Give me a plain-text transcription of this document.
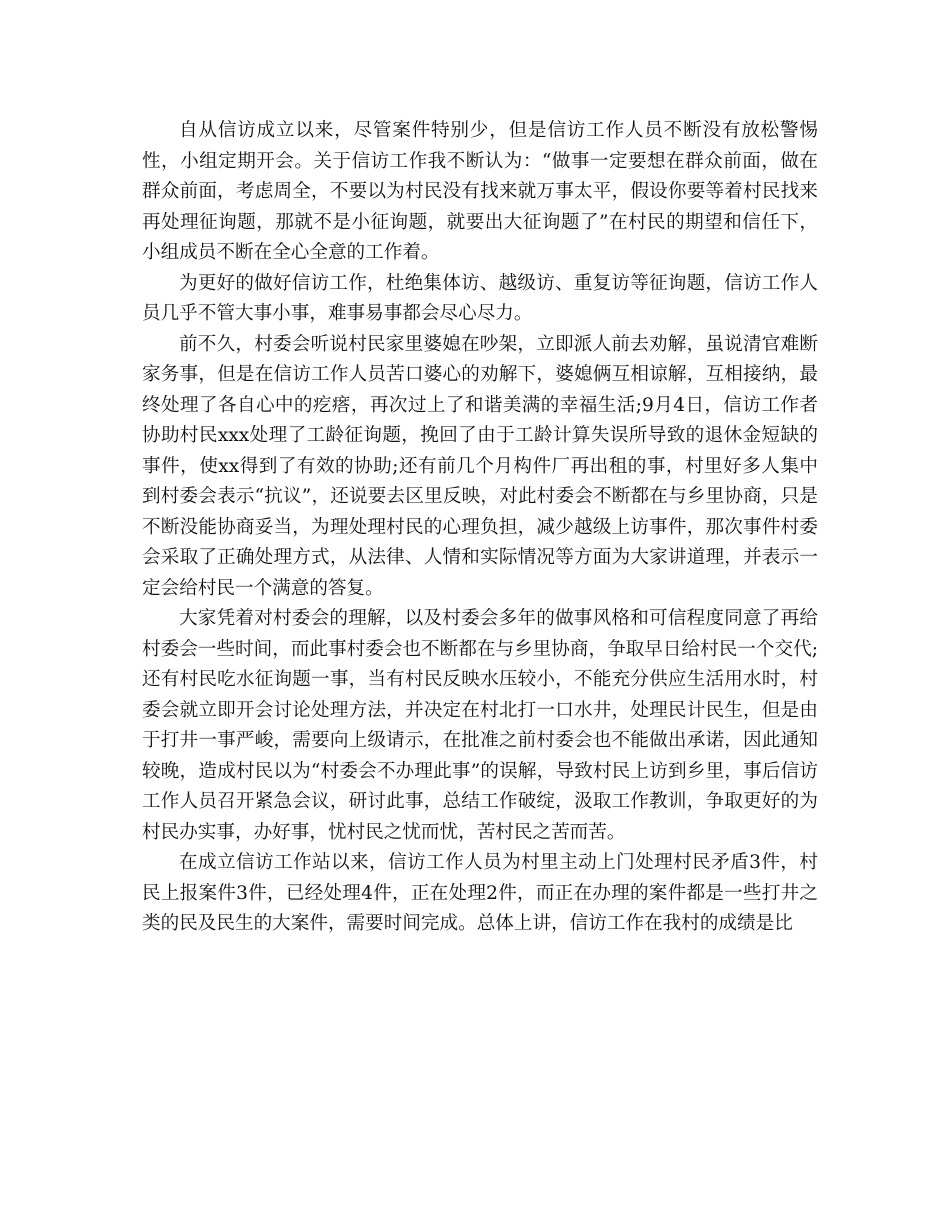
自从信访成立以来，尽管案件特别少，但是信访工作人员不断没有放松警惕性，小组定期开会。关于信访工作我不断认为：“做事一定要想在群众前面，做在群众前面，考虑周全，不要以为村民没有找来就万事太平，假设你要等着村民找来再处理征询题，那就不是小征询题，就要出大征询题了”在村民的期望和信任下，小组成员不断在全心全意的工作着。

为更好的做好信访工作，杜绝集体访、越级访、重复访等征询题，信访工作人员几乎不管大事小事，难事易事都会尽心尽力。

前不久，村委会听说村民家里婆媳在吵架，立即派人前去劝解，虽说清官难断家务事，但是在信访工作人员苦口婆心的劝解下，婆媳俩互相谅解，互相接纳，最终处理了各自心中的疙瘩，再次过上了和谐美满的幸福生活;9月4日，信访工作者协助村民xxx处理了工龄征询题，挽回了由于工龄计算失误所导致的退休金短缺的事件，使xx得到了有效的协助;还有前几个月构件厂再出租的事，村里好多人集中到村委会表示“抗议”，还说要去区里反映，对此村委会不断都在与乡里协商，只是不断没能协商妥当，为理处理村民的心理负担，减少越级上访事件，那次事件村委会采取了正确处理方式，从法律、人情和实际情况等方面为大家讲道理，并表示一定会给村民一个满意的答复。

大家凭着对村委会的理解，以及村委会多年的做事风格和可信程度同意了再给村委会一些时间，而此事村委会也不断都在与乡里协商，争取早日给村民一个交代;还有村民吃水征询题一事，当有村民反映水压较小，不能充分供应生活用水时，村委会就立即开会讨论处理方法，并决定在村北打一口水井，处理民计民生，但是由于打井一事严峻，需要向上级请示，在批准之前村委会也不能做出承诺，因此通知较晚，造成村民以为“村委会不办理此事”的误解，导致村民上访到乡里，事后信访工作人员召开紧急会议，研讨此事，总结工作破绽，汲取工作教训，争取更好的为村民办实事，办好事，忧村民之忧而忧，苦村民之苦而苦。

在成立信访工作站以来，信访工作人员为村里主动上门处理村民矛盾3件，村民上报案件3件，已经处理4件，正在处理2件，而正在办理的案件都是一些打井之类的民及民生的大案件，需要时间完成。总体上讲，信访工作在我村的成绩是比
